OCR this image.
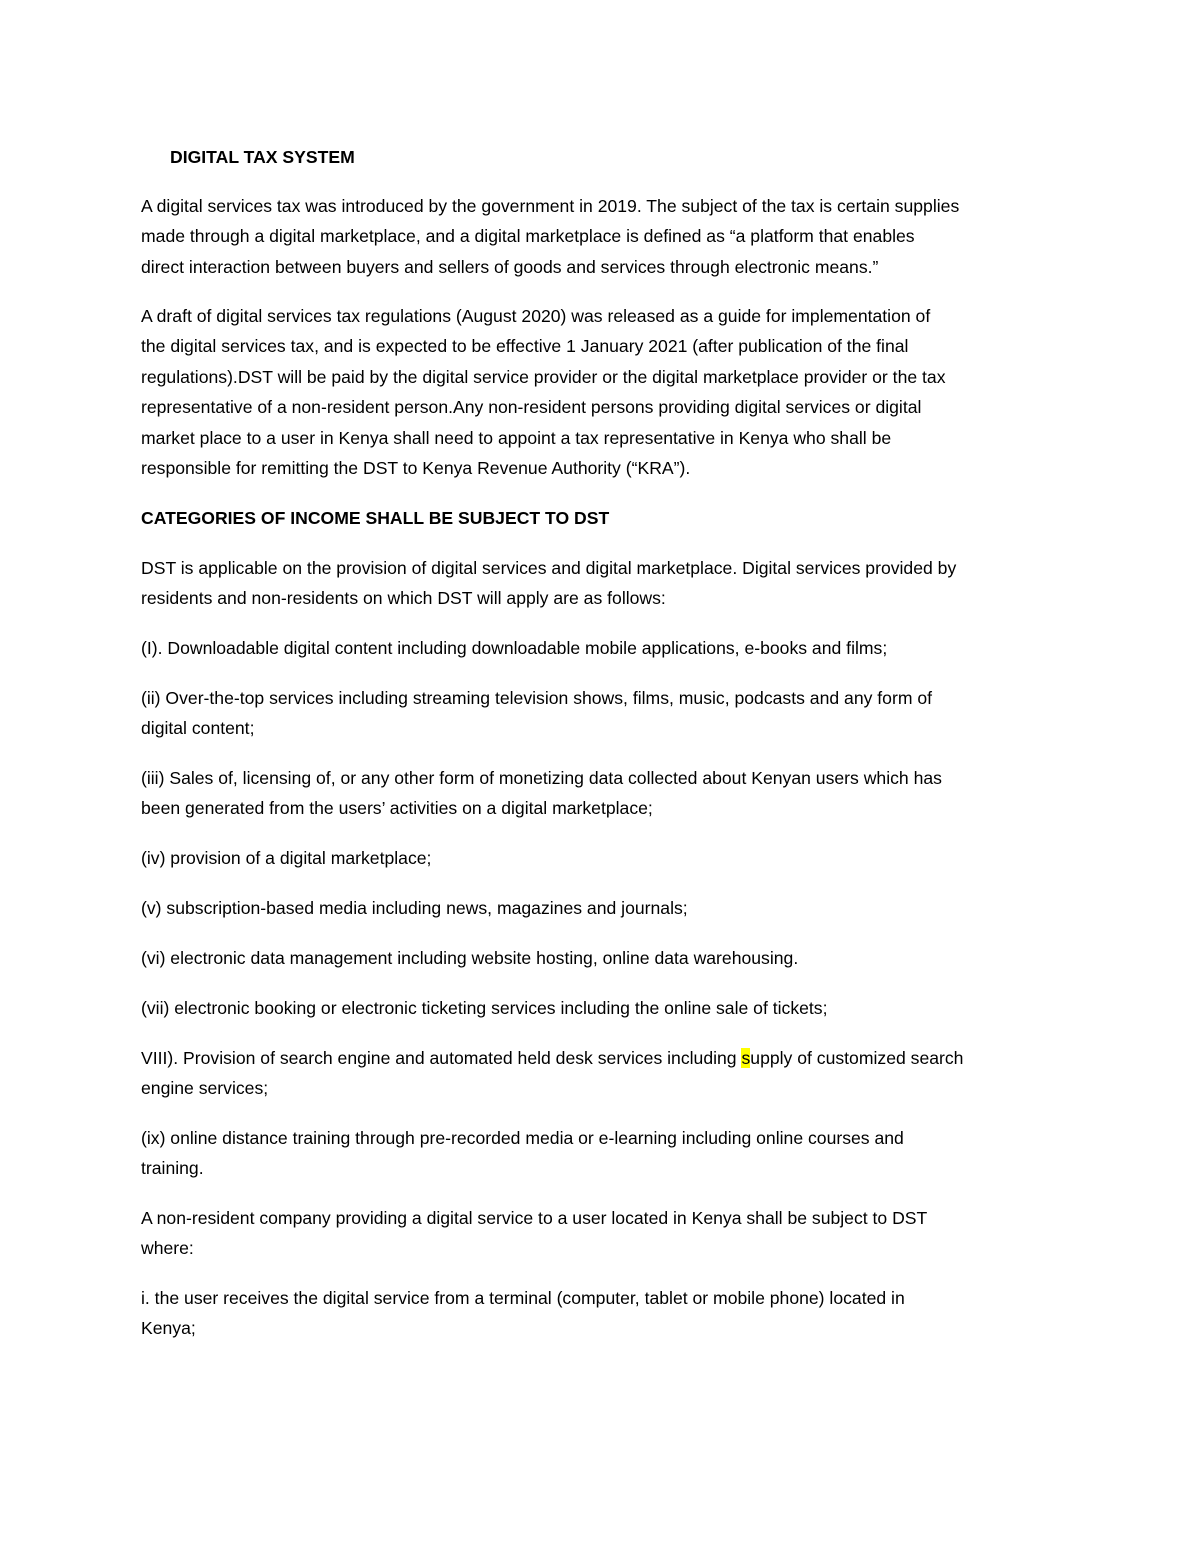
DIGITAL TAX SYSTEM

A digital services tax was introduced by the government in 2019. The subject of the tax is certain supplies
made through a digital marketplace, and a digital marketplace is defined as “a platform that enables
direct interaction between buyers and sellers of goods and services through electronic means.”

A draft of digital services tax regulations (August 2020) was released as a guide for implementation of
the digital services tax, and is expected to be effective 1 January 2021 (after publication of the final
regulations).DST will be paid by the digital service provider or the digital marketplace provider or the tax
representative of a non-resident person.Any non-resident persons providing digital services or digital
market place to a user in Kenya shall need to appoint a tax representative in Kenya who shall be
responsible for remitting the DST to Kenya Revenue Authority (“KRA”).

CATEGORIES OF INCOME SHALL BE SUBJECT TO DST

DST is applicable on the provision of digital services and digital marketplace. Digital services provided by
residents and non-residents on which DST will apply are as follows:

(I). Downloadable digital content including downloadable mobile applications, e-books and films;

(ii) Over-the-top services including streaming television shows, films, music, podcasts and any form of
digital content;

(iii) Sales of, licensing of, or any other form of monetizing data collected about Kenyan users which has
been generated from the users’ activities on a digital marketplace;

(iv) provision of a digital marketplace;

(v) subscription-based media including news, magazines and journals;

(vi) electronic data management including website hosting, online data warehousing.

(vii) electronic booking or electronic ticketing services including the online sale of tickets;

VIII). Provision of search engine and automated held desk services including supply of customized search
engine services;

(ix) online distance training through pre-recorded media or e-learning including online courses and
training.

A non-resident company providing a digital service to a user located in Kenya shall be subject to DST
where:

i. the user receives the digital service from a terminal (computer, tablet or mobile phone) located in
Kenya;
